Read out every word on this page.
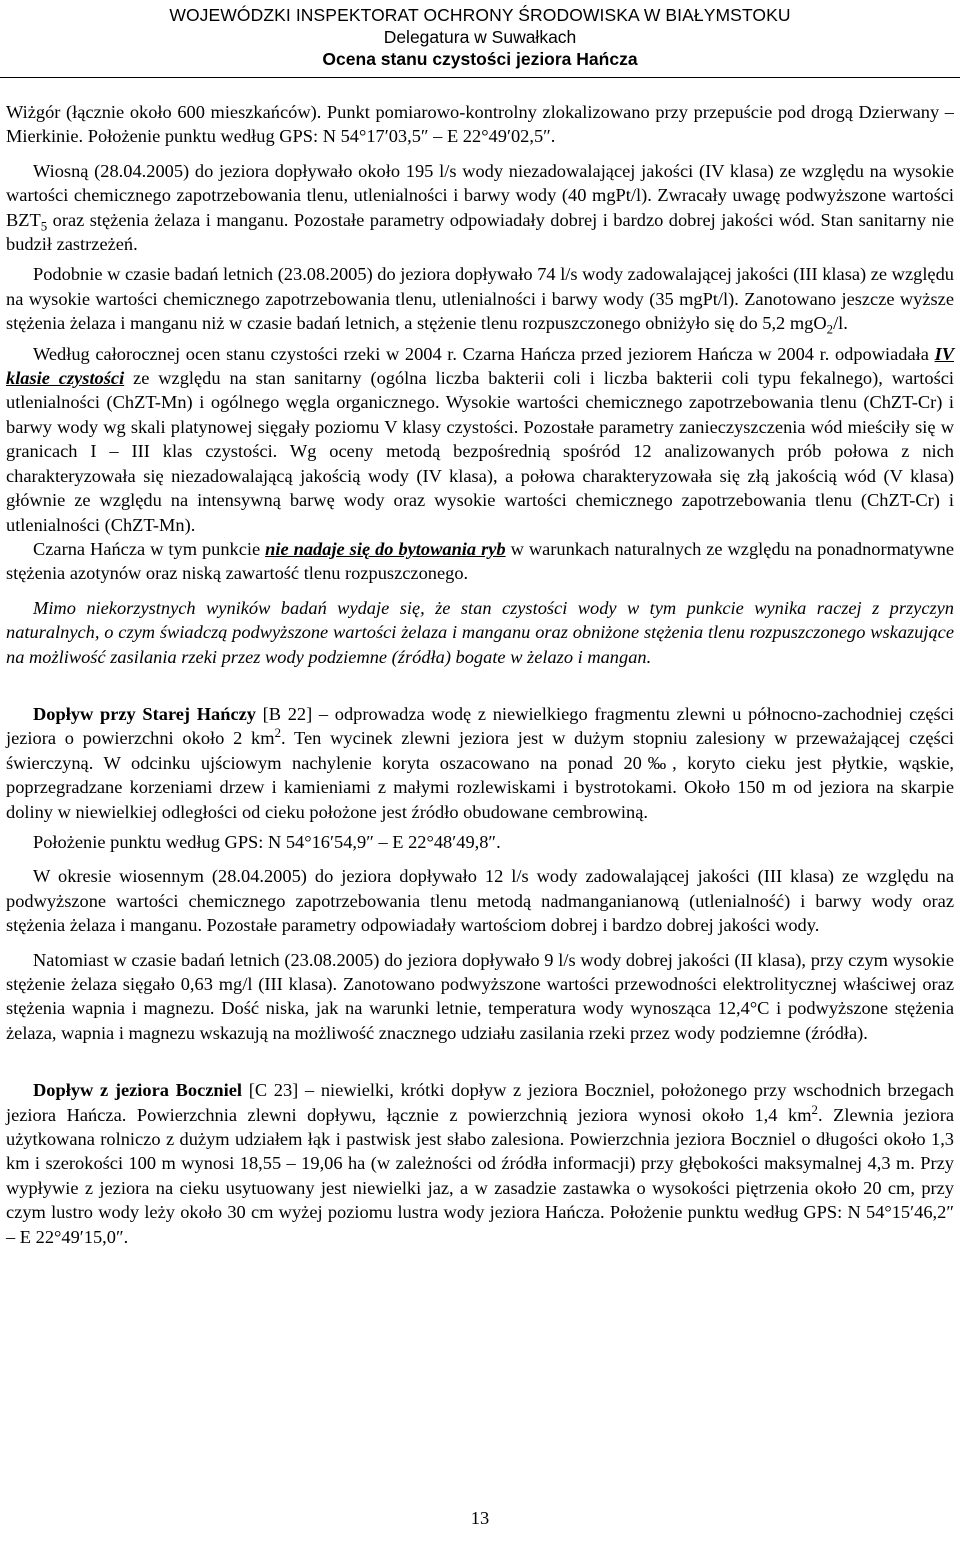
WOJEWÓDZKI INSPEKTORAT OCHRONY ŚRODOWISKA W BIAŁYMSTOKU
Delegatura w Suwałkach
Ocena stanu czystości jeziora Hańcza

Wiżgór (łącznie około 600 mieszkańców). Punkt pomiarowo-kontrolny zlokalizowano przy przepuście pod drogą Dzierwany – Mierkinie. Położenie punktu według GPS: N 54°17′03,5″ – E 22°49′02,5″.

Wiosną (28.04.2005) do jeziora dopływało około 195 l/s wody niezadowalającej jakości (IV klasa) ze względu na wysokie wartości chemicznego zapotrzebowania tlenu, utlenialności i barwy wody (40 mgPt/l). Zwracały uwagę podwyższone wartości $BZT_5$ oraz stężenia żelaza i manganu. Pozostałe parametry odpowiadały dobrej i bardzo dobrej jakości wód. Stan sanitarny nie budził zastrzeżeń.

Podobnie w czasie badań letnich (23.08.2005) do jeziora dopływało 74 l/s wody zadowalającej jakości (III klasa) ze względu na wysokie wartości chemicznego zapotrzebowania tlenu, utlenialności i barwy wody (35 mgPt/l). Zanotowano jeszcze wyższe stężenia żelaza i manganu niż w czasie badań letnich, a stężenie tlenu rozpuszczonego obniżyło się do 5,2 mgO$_2$/l.

Według całorocznej ocen stanu czystości rzeki w 2004 r. Czarna Hańcza przed jeziorem Hańcza w 2004 r. odpowiadała IV klasie czystości ze względu na stan sanitarny (ogólna liczba bakterii coli i liczba bakterii coli typu fekalnego), wartości utlenialności (ChZT-Mn) i ogólnego węgla organicznego. Wysokie wartości chemicznego zapotrzebowania tlenu (ChZT-Cr) i barwy wody wg skali platynowej sięgały poziomu V klasy czystości. Pozostałe parametry zanieczyszczenia wód mieściły się w granicach I – III klas czystości. Wg oceny metodą bezpośrednią spośród 12 analizowanych prób połowa z nich charakteryzowała się niezadowalającą jakością wody (IV klasa), a połowa charakteryzowała się złą jakością wód (V klasa) głównie ze względu na intensywną barwę wody oraz wysokie wartości chemicznego zapotrzebowania tlenu (ChZT-Cr) i utlenialności (ChZT-Mn).

Czarna Hańcza w tym punkcie nie nadaje się do bytowania ryb w warunkach naturalnych ze względu na ponadnormatywne stężenia azotynów oraz niską zawartość tlenu rozpuszczonego.

Mimo niekorzystnych wyników badań wydaje się, że stan czystości wody w tym punkcie wynika raczej z przyczyn naturalnych, o czym świadczą podwyższone wartości żelaza i manganu oraz obniżone stężenia tlenu rozpuszczonego wskazujące na możliwość zasilania rzeki przez wody podziemne (źródła) bogate w żelazo i mangan.

Dopływ przy Starej Hańczy [B 22] – odprowadza wodę z niewielkiego fragmentu zlewni u północno-zachodniej części jeziora o powierzchni około 2 $km^2$. Ten wycinek zlewni jeziora jest w dużym stopniu zalesiony w przeważającej części świerczyną. W odcinku ujściowym nachylenie koryta oszacowano na ponad 20‰, koryto cieku jest płytkie, wąskie, poprzegradzane korzeniami drzew i kamieniami z małymi rozlewiskami i bystrotokami. Około 150 m od jeziora na skarpie doliny w niewielkiej odległości od cieku położone jest źródło obudowane cembrowiną.

Położenie punktu według GPS: N 54°16′54,9″ – E 22°48′49,8″.

W okresie wiosennym (28.04.2005) do jeziora dopływało 12 l/s wody zadowalającej jakości (III klasa) ze względu na podwyższone wartości chemicznego zapotrzebowania tlenu metodą nadmanganianową (utlenialność) i barwy wody oraz stężenia żelaza i manganu. Pozostałe parametry odpowiadały wartościom dobrej i bardzo dobrej jakości wody.

Natomiast w czasie badań letnich (23.08.2005) do jeziora dopływało 9 l/s wody dobrej jakości (II klasa), przy czym wysokie stężenie żelaza sięgało 0,63 mg/l (III klasa). Zanotowano podwyższone wartości przewodności elektrolitycznej właściwej oraz stężenia wapnia i magnezu. Dość niska, jak na warunki letnie, temperatura wody wynosząca 12,4°C i podwyższone stężenia żelaza, wapnia i magnezu wskazują na możliwość znacznego udziału zasilania rzeki przez wody podziemne (źródła).

Dopływ z jeziora Boczniel [C 23] – niewielki, krótki dopływ z jeziora Boczniel, położonego przy wschodnich brzegach jeziora Hańcza. Powierzchnia zlewni dopływu, łącznie z powierzchnią jeziora wynosi około 1,4 $km^2$. Zlewnia jeziora użytkowana rolniczo z dużym udziałem łąk i pastwisk jest słabo zalesiona. Powierzchnia jeziora Boczniel o długości około 1,3 km i szerokości 100 m wynosi 18,55 – 19,06 ha (w zależności od źródła informacji) przy głębokości maksymalnej 4,3 m. Przy wypływie z jeziora na cieku usytuowany jest niewielki jaz, a w zasadzie zastawka o wysokości piętrzenia około 20 cm, przy czym lustro wody leży około 30 cm wyżej poziomu lustra wody jeziora Hańcza. Położenie punktu według GPS: N 54°15′46,2″ – E 22°49′15,0″.

13
